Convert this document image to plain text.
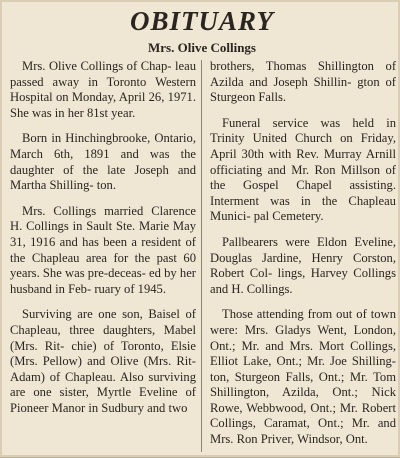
OBITUARY
Mrs. Olive Collings

Mrs. Olive Collings of Chap- leau passed away in Toronto Western Hospital on Monday, April 26, 1971. She was in her 81st year.

Born in Hinchingbrooke, Ontario, March 6th, 1891 and was the daughter of the late Joseph and Martha Shilling- ton.

Mrs. Collings married Clarence H. Collings in Sault Ste. Marie May 31, 1916 and has been a resident of the Chapleau area for the past 60 years. She was pre-deceas- ed by her husband in Feb- ruary of 1945.

Surviving are one son, Baisel of Chapleau, three daughters, Mabel (Mrs. Rit- chie) of Toronto, Elsie (Mrs. Pellow) and Olive (Mrs. Rit- Adam) of Chapleau. Also surviving are one sister, Myrtle Eveline of Pioneer Manor in Sudbury and two

brothers, Thomas Shillington of Azilda and Joseph Shillin- gton of Sturgeon Falls.

Funeral service was held in Trinity United Church on Friday, April 30th with Rev. Murray Arnill officiating and Mr. Ron Millson of the Gospel Chapel assisting. Interment was in the Chapleau Munici- pal Cemetery.

Pallbearers were Eldon Eveline, Douglas Jardine, Henry Corston, Robert Col- lings, Harvey Collings and H. Collings.

Those attending from out of town were: Mrs. Gladys Went, London, Ont.; Mr. and Mrs. Mort Collings, Elliot Lake, Ont.; Mr. Joe Shilling- ton, Sturgeon Falls, Ont.; Mr. Tom Shillington, Azilda, Ont.; Nick Rowe, Webbwood, Ont.; Mr. Robert Collings, Caramat, Ont.; Mr. and Mrs. Ron Priver, Windsor, Ont.
